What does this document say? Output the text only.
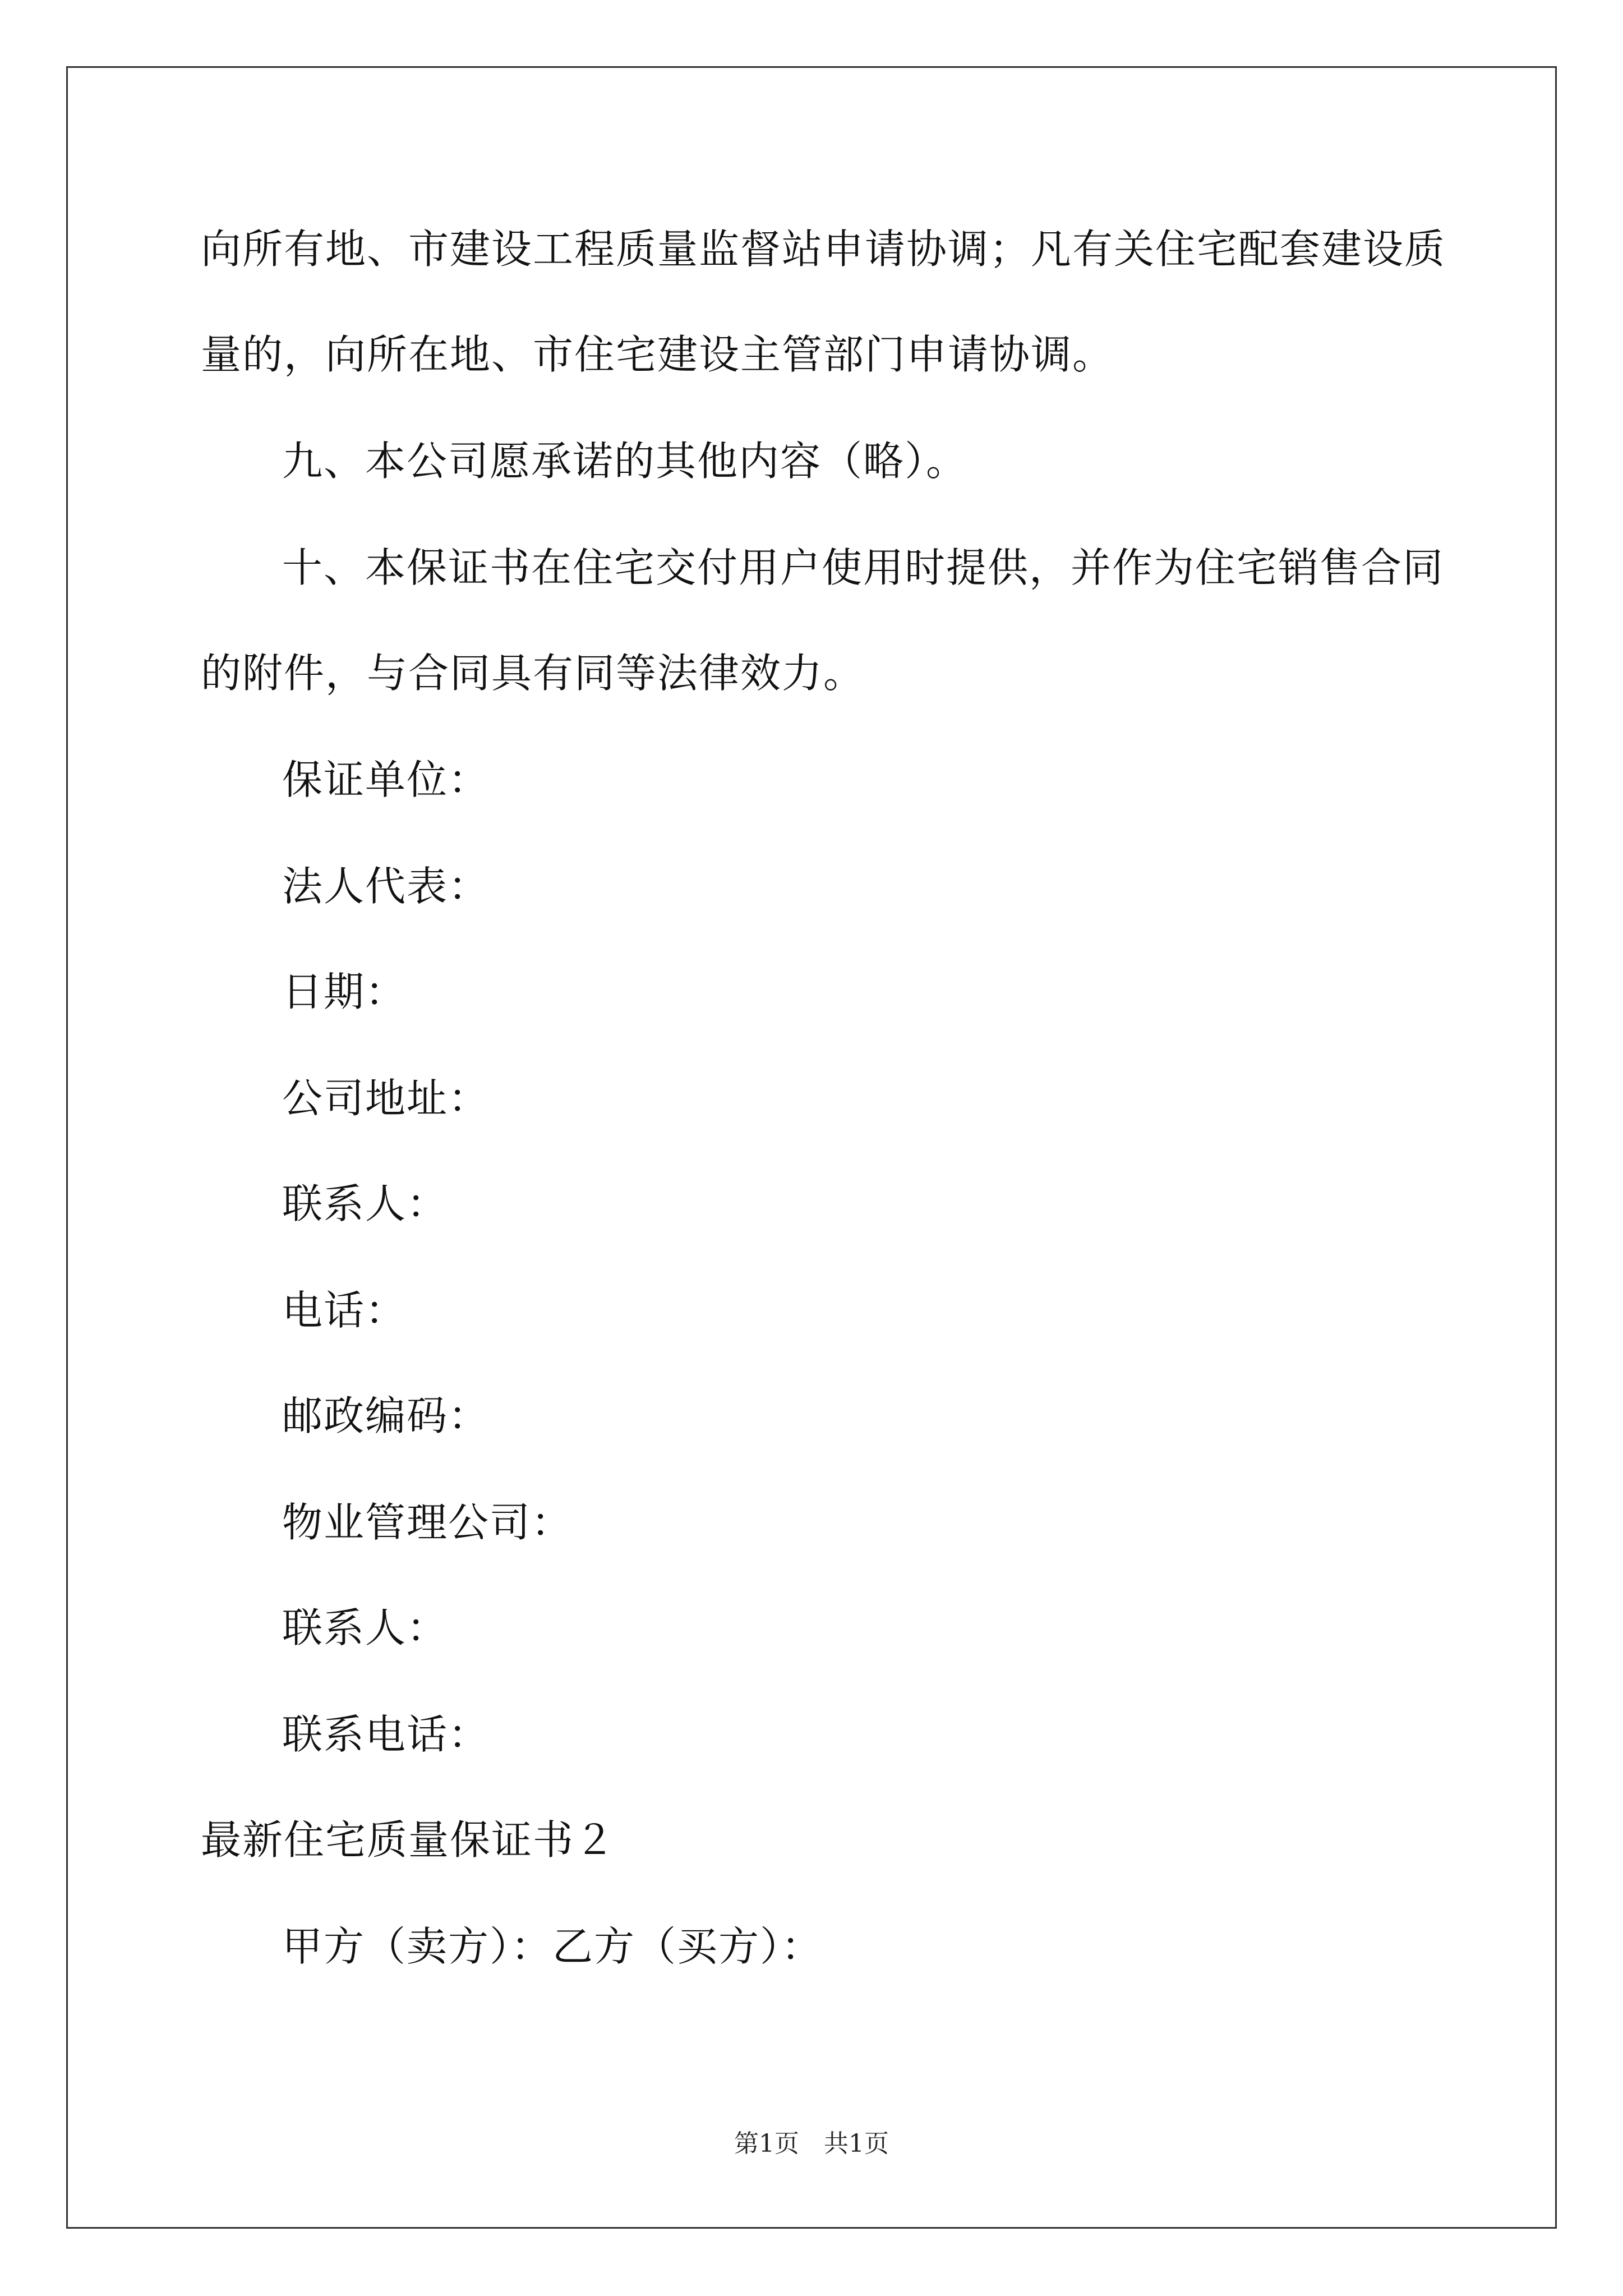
向所有地、市建设工程质量监督站申请协调；凡有关住宅配套建设质
量的，向所在地、市住宅建设主管部门申请协调。
九、本公司愿承诺的其他内容（略）。
十、本保证书在住宅交付用户使用时提供，并作为住宅销售合同
的附件，与合同具有同等法律效力。
保证单位：
法人代表：
日期：
公司地址：
联系人：
电话：
邮政编码：
物业管理公司：
联系人：
联系电话：
最新住宅质量保证书２
甲方（卖方）：乙方（买方）：
第1页　共1页
